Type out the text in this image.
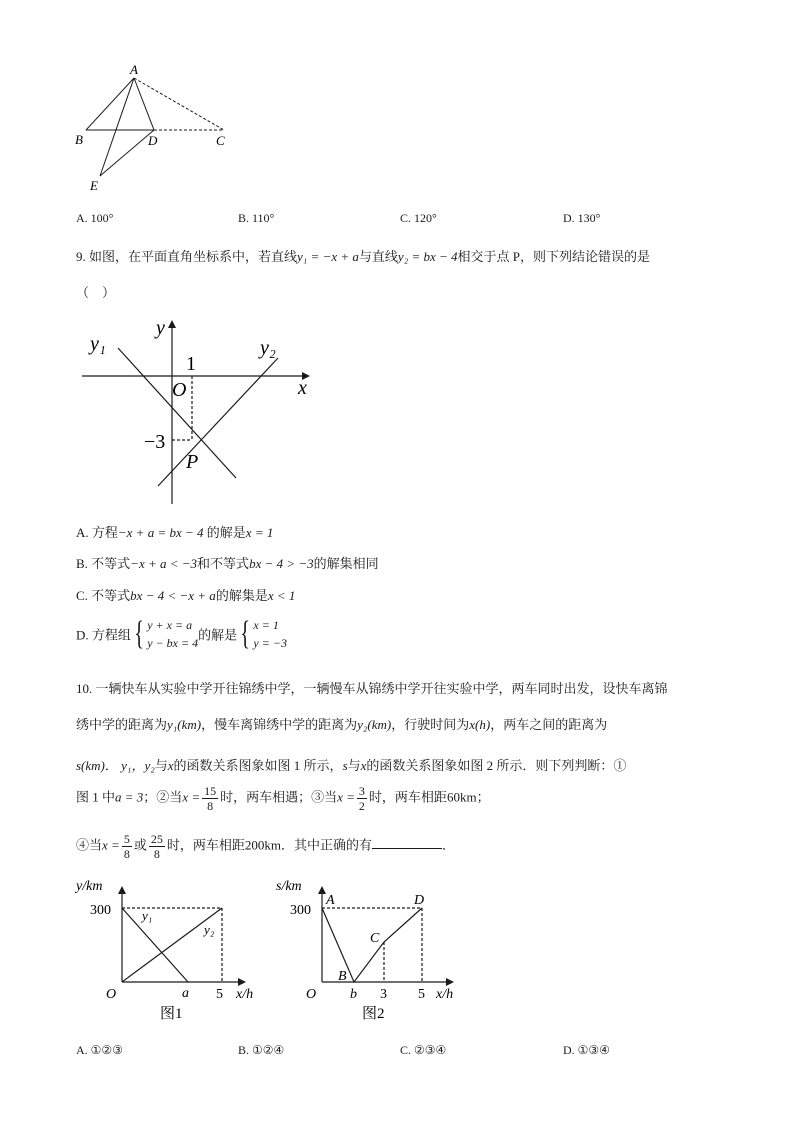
A
B	D	C
E
A. 100°	B. 110°	C. 120°	D. 130°
9. 如图，在平面直角坐标系中，若直线y₁ = −x + a与直线y₂ = bx − 4相交于点 P，则下列结论错误的是
（　）
y
x
y₁	y₂
O
1
−3
P
A. 方程−x + a = bx − 4 的解是x = 1
B. 不等式−x + a < −3和不等式bx − 4 > −3的解集相同
C. 不等式bx − 4 < −x + a的解集是x < 1
D. 方程组{ y + x = a
y − bx = 4
的解是{ x = 1
y = −3
10. 一辆快车从实验中学开往锦绣中学，一辆慢车从锦绣中学开往实验中学，两车同时出发，设快车离锦
绣中学的距离为y₁(km)，慢车离锦绣中学的距离为y₂(km)，行驶时间为x(h)，两车之间的距离为
s(km)． y₁，y₂与x的函数关系图象如图 1 所示，s与x的函数关系图象如图 2 所示．则下列判断：①
图 1 中a = 3；②当$x = \frac{15}{8}$ 时，两车相遇；③当$x = \frac{3}{2}$ 时，两车相距60km；
④当$x = \frac{5}{8}$ 或 $\frac{25}{8}$ 时，两车相距200km．其中正确的有	．
y/km
300 y₁
y₂
O	a 5 x/h
图1
s/km
300
A
B
C
D
O b 3 5 x/h
图2
A. ①②③	B. ①②④	C. ②③④	D. ①③④
